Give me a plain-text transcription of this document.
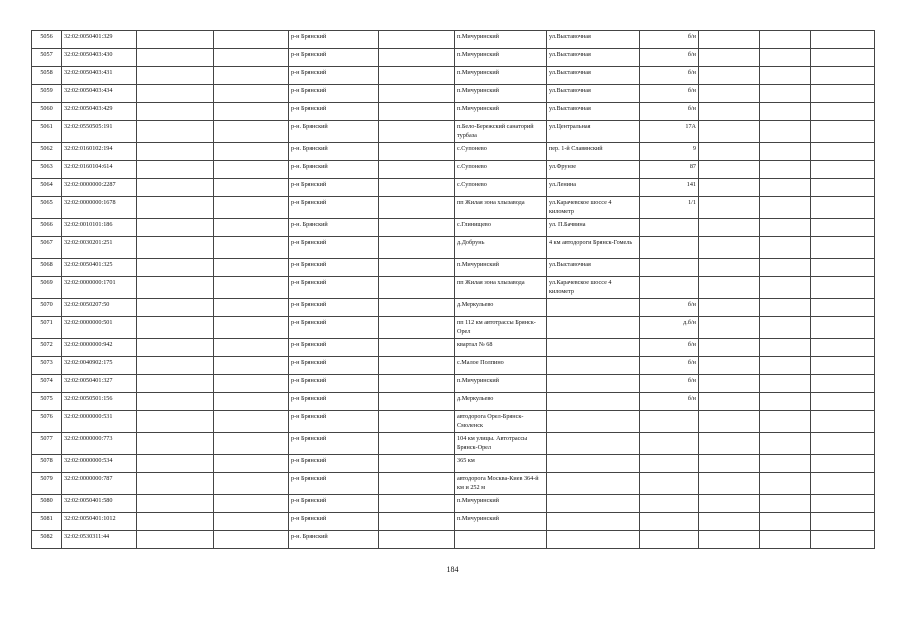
5056	32:02:0050401:329			р-н Брянский		п.Мичуринский	ул.Выставочная	б/н			
5057	32:02:0050403:430			р-н Брянский		п.Мичуринский	ул.Выставочная	б/н			
5058	32:02:0050403:431			р-н Брянский		п.Мичуринский	ул.Выставочная	б/н			
5059	32:02:0050403:434			р-н Брянский		п.Мичуринский	ул.Выставочная	б/н			
5060	32:02:0050403:429			р-н Брянский		п.Мичуринский	ул.Выставочная	б/н			
5061	32:02:0550505:191			р-н. Брянский		п.Бело-Бережский санаторий турбаза	ул.Центральная	17А			
5062	32:02:0160102:194			р-н. Брянский		с.Супонево	пер. 1-й Славянский	9			
5063	32:02:0160104:614			р-н. Брянский		с.Супонево	ул.Фрунзе	87			
5064	32:02:0000000:2287			р-н Брянский		с.Супонево	ул.Ленина	141			
5065	32:02:0000000:1678			р-н Брянский		пп Жилая зона хлызавода	ул.Карачевское шоссе 4 километр	1/1			
5066	32:02:0010101:186			р-н. Брянский		с.Глинищево	ул. П.Бачвина				
5067	32:02:0030201:251			р-н Брянский		д.Добрунь	4 км автодороги Брянск-Гомель				
5068	32:02:0050401:325			р-н Брянский		п.Мичуринский	ул.Выставочная				
5069	32:02:0000000:1701			р-н Брянский		пп Жилая зона хлызавода	ул.Карачевское шоссе 4 километр				
5070	32:02:0050207:50			р-н Брянский		д.Меркульево		б/н			
5071	32:02:0000000:501			р-н Брянский		пп 112 км автотрассы Брянск-Орел		д.б/н			
5072	32:02:0000000:942			р-н Брянский		квартал № 68		б/н			
5073	32:02:0040902:175			р-н Брянский		с.Малое Полпино		б/н			
5074	32:02:0050401:327			р-н Брянский		п.Мичуринский		б/н			
5075	32:02:0050501:156			р-н Брянский		д.Меркульево		б/н			
5076	32:02:0000000:531			р-н Брянский		автодорога Орел-Брянск-Смоленск					
5077	32:02:0000000:773			р-н Брянский		104 км улицы. Автотрассы Брянск-Орел					
5078	32:02:0000000:534			р-н Брянский		365 км					
5079	32:02:0000000:787			р-н Брянский		автодорога Москва-Киев 364-й км и 252 м					
5080	32:02:0050401:580			р-н Брянский		п.Мичуринский					
5081	32:02:0050401:1012			р-н Брянский		п.Мичуринский					
5082	32:02:0530311:44			р-н. Брянский							
184
